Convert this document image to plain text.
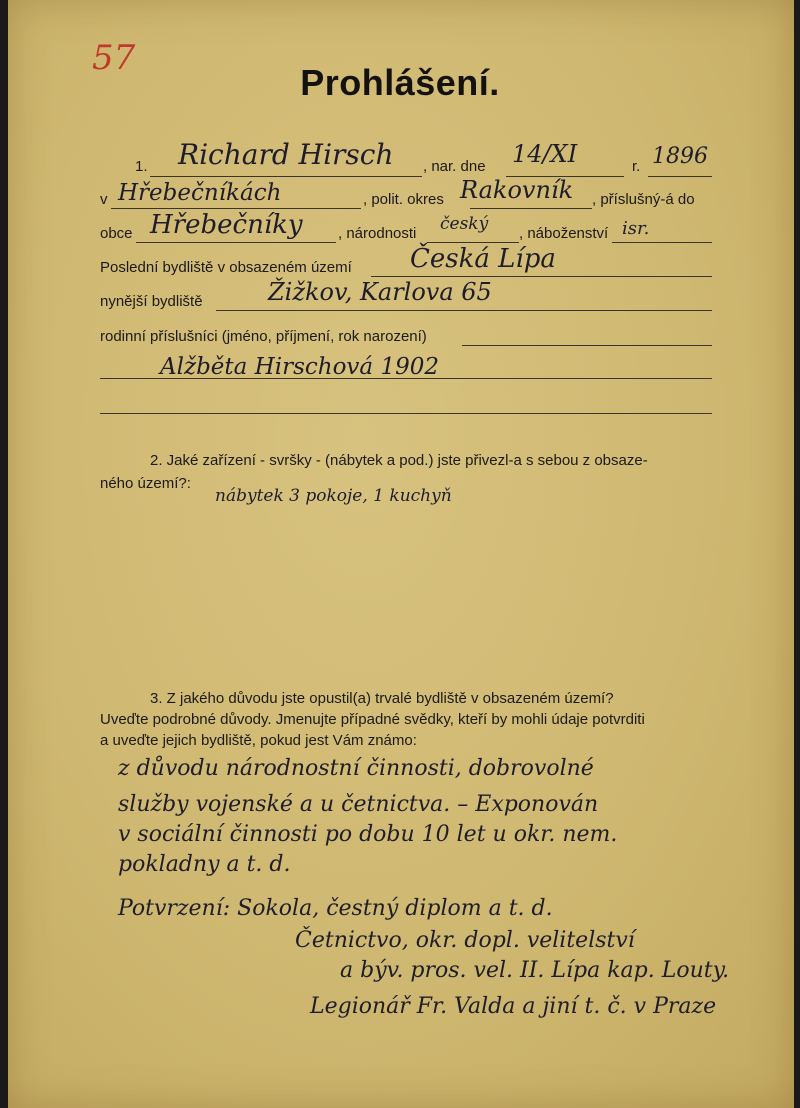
57
Prohlášení.
1. Richard Hirsch , nar. dne 14/XI	r. 1896
v Hřebečníkách	, polit. okres Rakovník , příslušný-á do
obce Hřebečníky , národnosti český , náboženství isr.
Poslední bydliště v obsazeném území Česká Lípa
nynější bydliště	Žižkov, Karlova 65
rodinní příslušníci (jméno, příjmení, rok narození)
Alžběta Hirschová 1902
2. Jaké zařízení - svršky - (nábytek a pod.) jste přivezl-a s sebou z obsaze-
ného území?:
nábytek 3 pokoje, 1 kuchyň
3. Z jakého důvodu jste opustil(a) trvalé bydliště v obsazeném území?
Uveďte podrobné důvody. Jmenujte případné svědky, kteří by mohli údaje potvrditi
a uveďte jejich bydliště, pokud jest Vám známo:
z důvodu národnostní činnosti, dobrovolné
služby vojenské a u četnictva. – Exponován
v sociální činnosti po dobu 10 let u okr. nem.
pokladny a t. d.
Potvrzení: Sokola, čestný diplom a t. d.
Četnictvo, okr. dopl. velitelství
a býv. pros. vel. II. Lípa kap. Louty.
Legionář Fr. Valda a jiní t. č. v Praze
